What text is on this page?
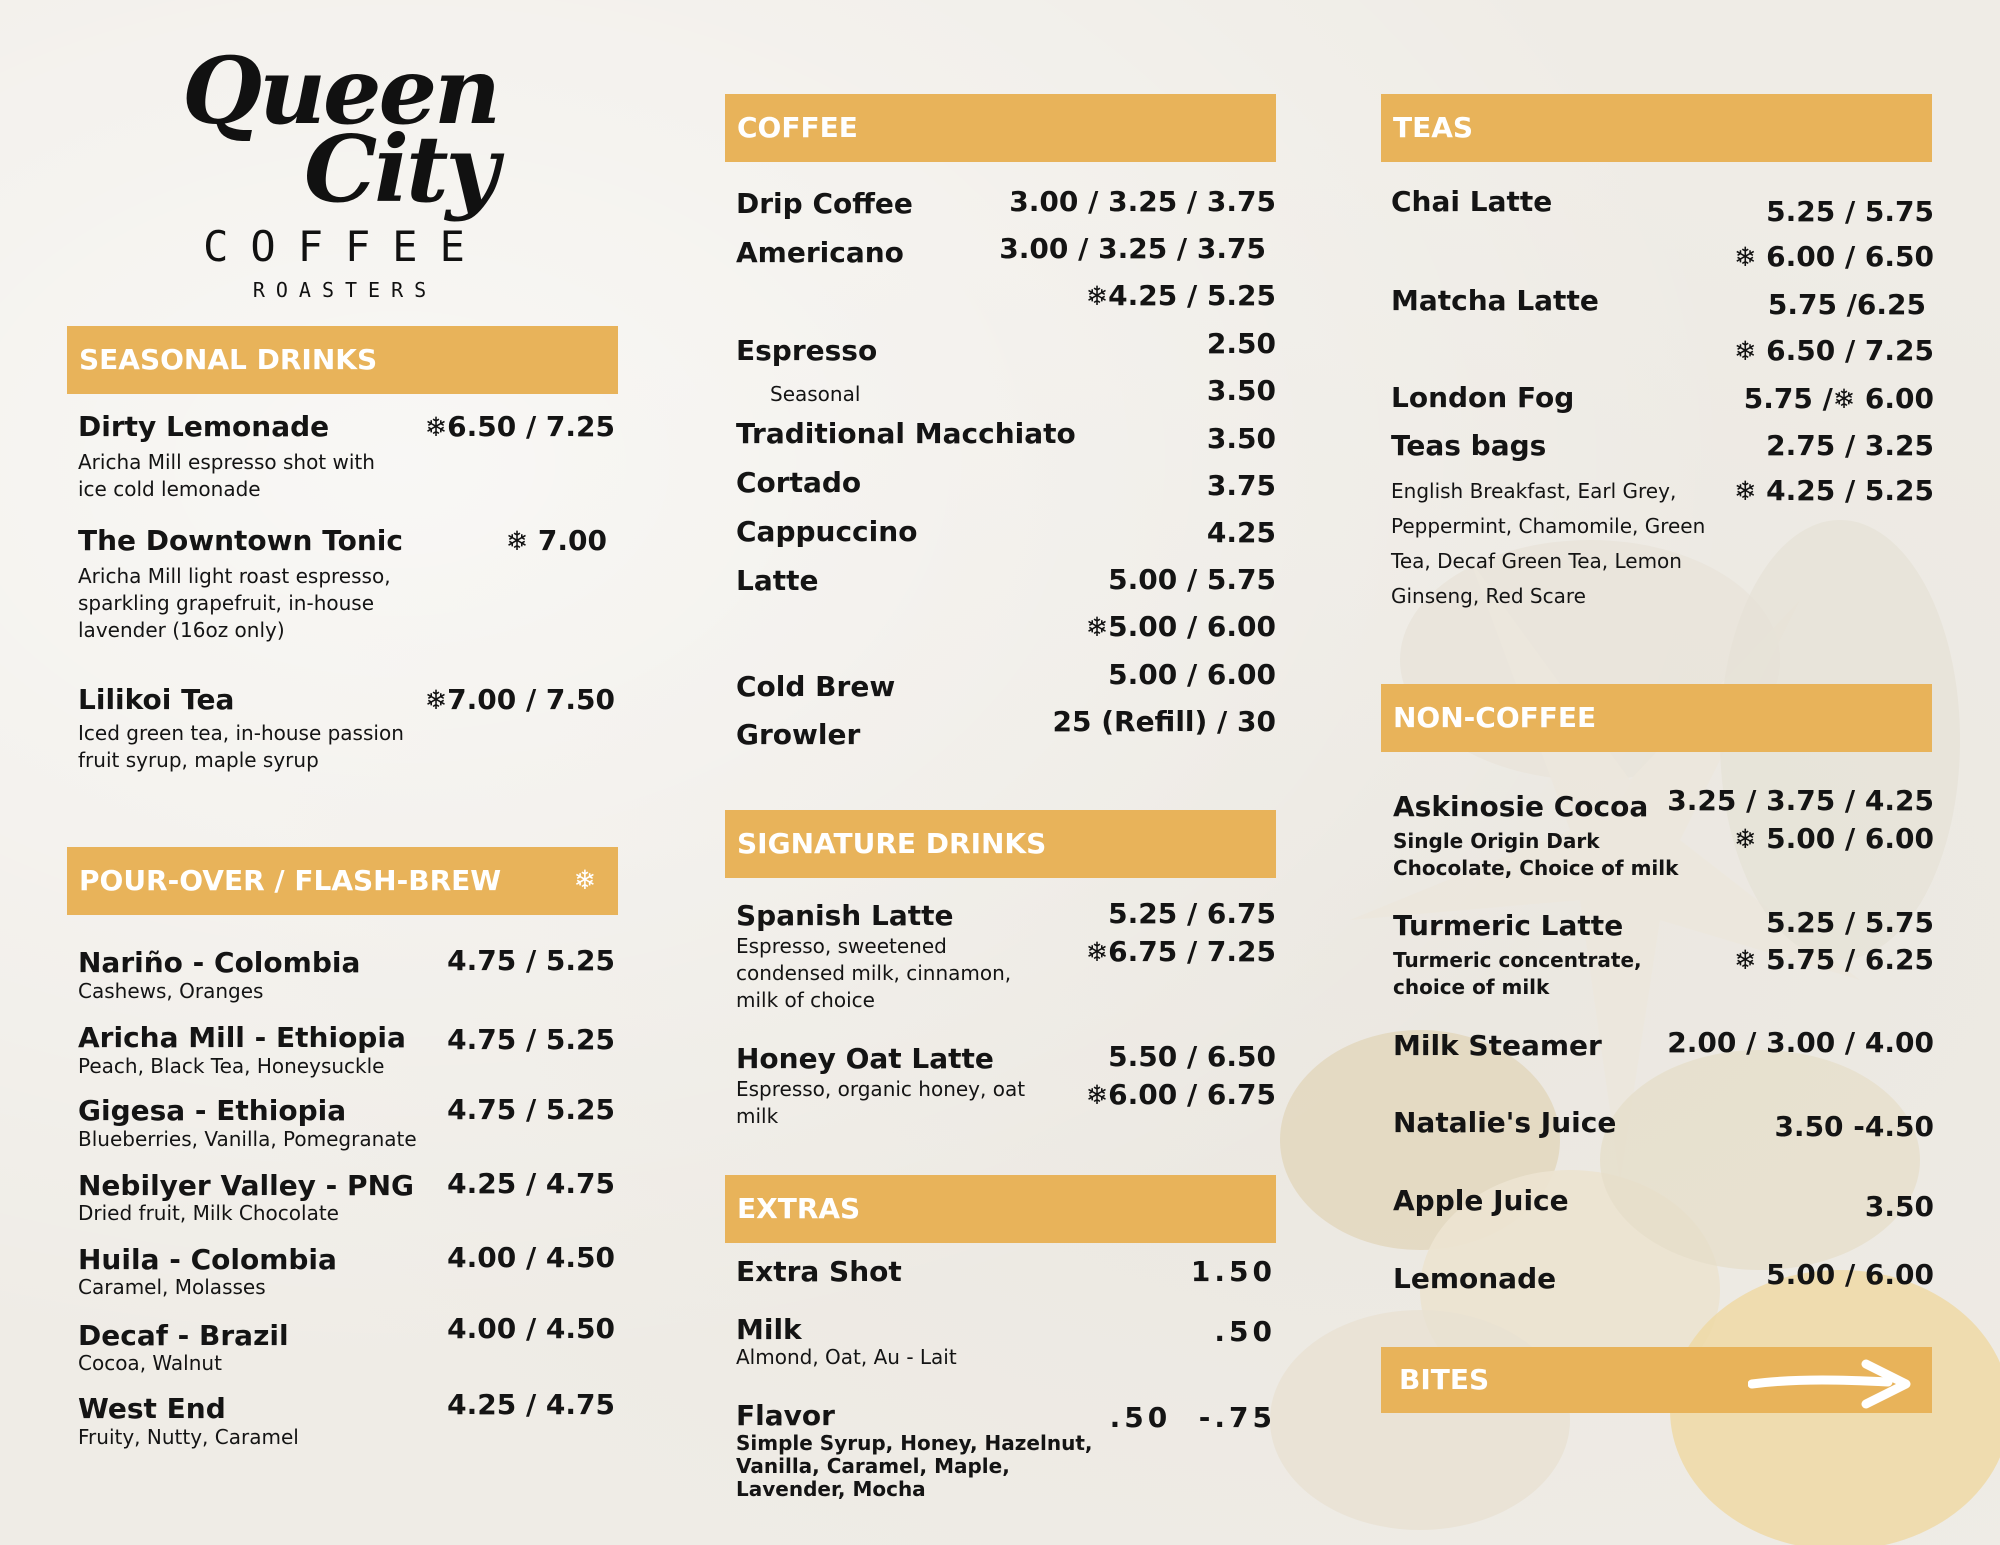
Queen
City
COFFEE
ROASTERS
SEASONAL DRINKS
Dirty Lemonade	❄6.50 / 7.25
Aricha Mill espresso shot with ice cold lemonade
The Downtown Tonic	❄ 7.00
Aricha Mill light roast espresso, sparkling grapefruit, in-house lavender (16oz only)
Lilikoi Tea	❄7.00 / 7.50
Iced green tea, in-house passion fruit syrup, maple syrup
POUR-OVER / FLASH-BREW	❄
Nariño - Colombia
Cashews, Oranges
4.75 / 5.25
Aricha Mill - Ethiopia
Peach, Black Tea, Honeysuckle
4.75 / 5.25
Gigesa - Ethiopia
Blueberries, Vanilla, Pomegranate
4.75 / 5.25
Nebilyer Valley - PNG
Dried fruit, Milk Chocolate
4.25 / 4.75
Huila - Colombia
Caramel, Molasses
4.00 / 4.50
Decaf - Brazil
Cocoa, Walnut
4.00 / 4.50
West End
Fruity, Nutty, Caramel
4.25 / 4.75
COFFEE
Drip Coffee	3.00 / 3.25 / 3.75
Americano	3.00 / 3.25 / 3.75
❄4.25 / 5.25
Espresso	2.50
Seasonal	3.50
Traditional Macchiato	3.50
Cortado	3.75
Cappuccino	4.25
Latte	5.00 / 5.75
❄5.00 / 6.00
Cold Brew	5.00 / 6.00
Growler	25 (Refill) / 30
SIGNATURE DRINKS
Spanish Latte
Espresso, sweetened condensed milk, cinnamon, milk of choice
5.25 / 6.75
❄6.75 / 7.25
Honey Oat Latte
Espresso, organic honey, oat milk
5.50 / 6.50
❄6.00 / 6.75
EXTRAS
Extra Shot	1.50
Milk
Almond, Oat, Au - Lait
.50
Flavor
Simple Syrup, Honey, Hazelnut, Vanilla, Caramel, Maple, Lavender, Mocha
.50  -.75
TEAS
Chai Latte	5.25 / 5.75
❄ 6.00 / 6.50
Matcha Latte	5.75 /6.25
❄ 6.50 / 7.25
London Fog	5.75 /❄ 6.00
Teas bags	2.75 / 3.25
❄ 4.25 / 5.25
English Breakfast, Earl Grey, Peppermint, Chamomile, Green Tea, Decaf Green Tea, Lemon Ginseng, Red Scare
NON-COFFEE
Askinosie Cocoa
Single Origin Dark Chocolate, Choice of milk
3.25 / 3.75 / 4.25
❄ 5.00 / 6.00
Turmeric Latte
Turmeric concentrate, choice of milk
5.25 / 5.75
❄ 5.75 / 6.25
Milk Steamer 2.00 / 3.00 / 4.00
Natalie's Juice	3.50 -4.50
Apple Juice	3.50
Lemonade	5.00 / 6.00
BITES
